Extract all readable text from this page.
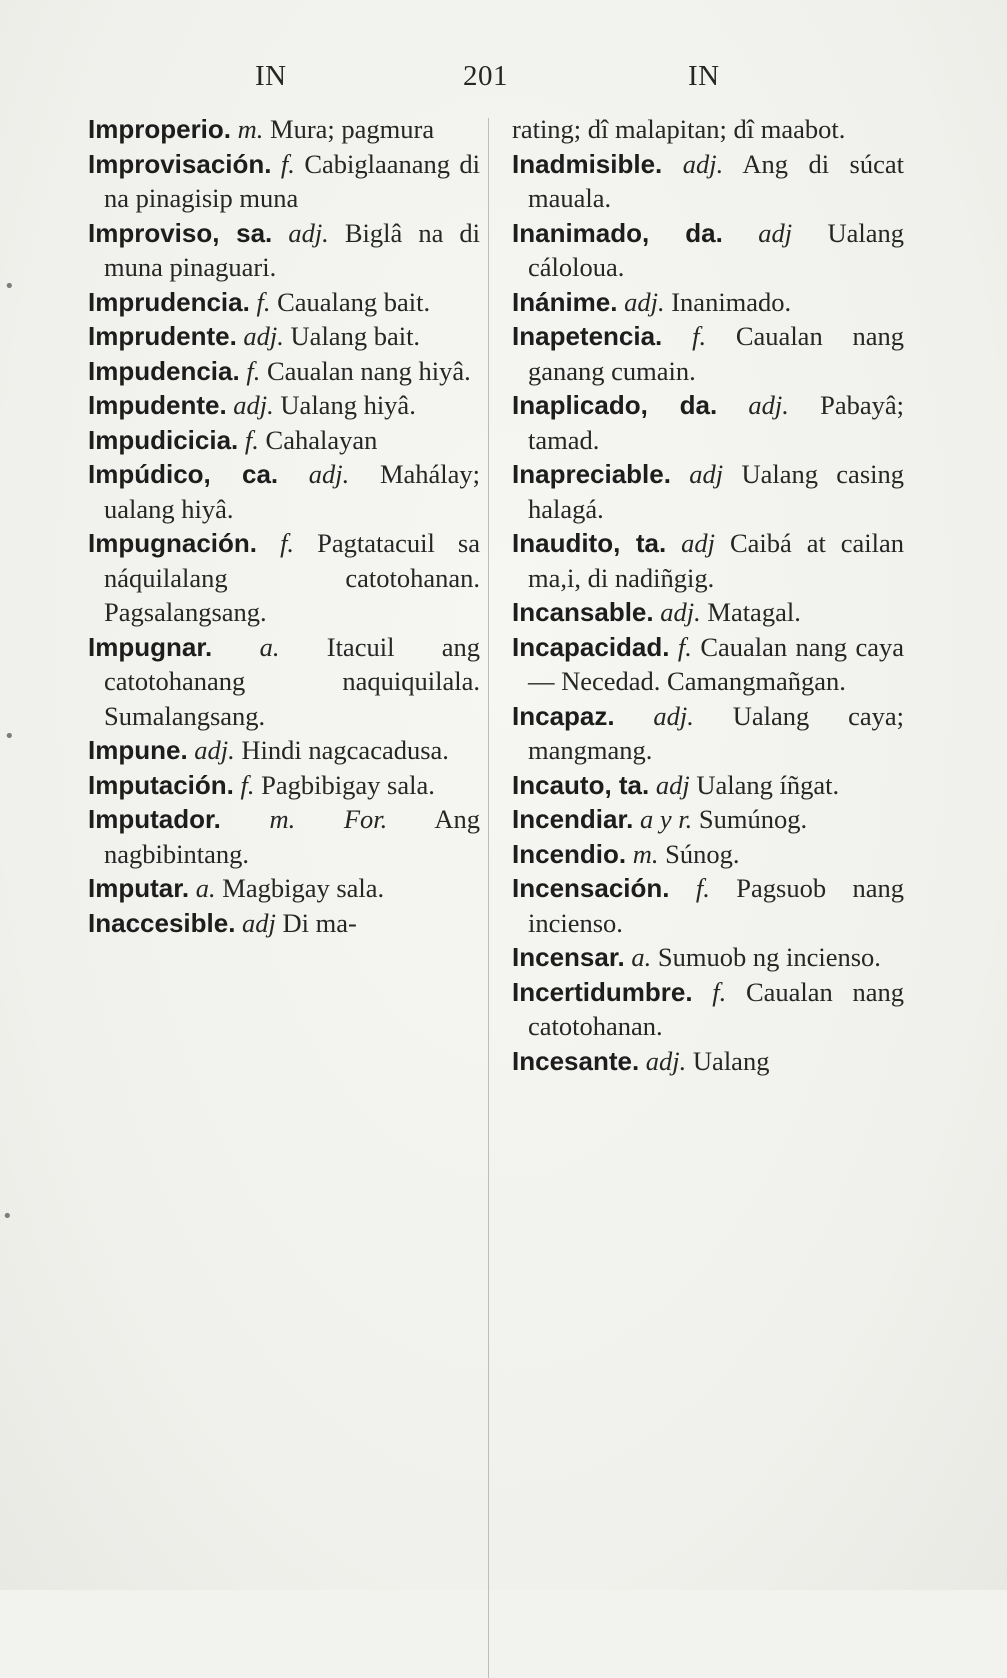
IN	201	IN

Improperio. m. Mura; pagmura

Improvisación. f. Cabiglaanang di na pinagisip muna

Improviso, sa. adj. Biglâ na di muna pinaguari.

Imprudencia. f. Caualang bait.

Imprudente. adj. Ualang bait.

Impudencia. f. Caualan nang hiyâ.

Impudente. adj. Ualang hiyâ.

Impudicicia. f. Cahalayan

Impúdico, ca. adj. Mahálay; ualang hiyâ.

Impugnación. f. Pagtatacuil sa náquilalang catotohanan. Pagsalangsang.

Impugnar. a. Itacuil ang catotohanang naquiquilala. Sumalangsang.

Impune. adj. Hindi nagcacadusa.

Imputación. f. Pagbibigay sala.

Imputador. m. For. Ang nagbibintang.

Imputar. a. Magbigay sala.

Inaccesible. adj Di ma-

rating; dî malapitan; dî maabot.

Inadmisible. adj. Ang di súcat mauala.

Inanimado, da. adj Ualang cáloloua.

Inánime. adj. Inanimado.

Inapetencia. f. Caualan nang ganang cumain.

Inaplicado, da. adj. Pabayâ; tamad.

Inapreciable. adj Ualang casing halagá.

Inaudito, ta. adj Caibá at cailan ma,i, di nadiñgig.

Incansable. adj. Matagal.

Incapacidad. f. Caualan nang caya — Necedad. Camangmañgan.

Incapaz. adj. Ualang caya; mangmang.

Incauto, ta. adj Ualang íñgat.

Incendiar. a y r. Sumúnog.

Incendio. m. Súnog.

Incensación. f. Pagsuob nang incienso.

Incensar. a. Sumuob ng incienso.

Incertidumbre. f. Caualan nang catotohanan.

Incesante. adj. Ualang

•
•
•
